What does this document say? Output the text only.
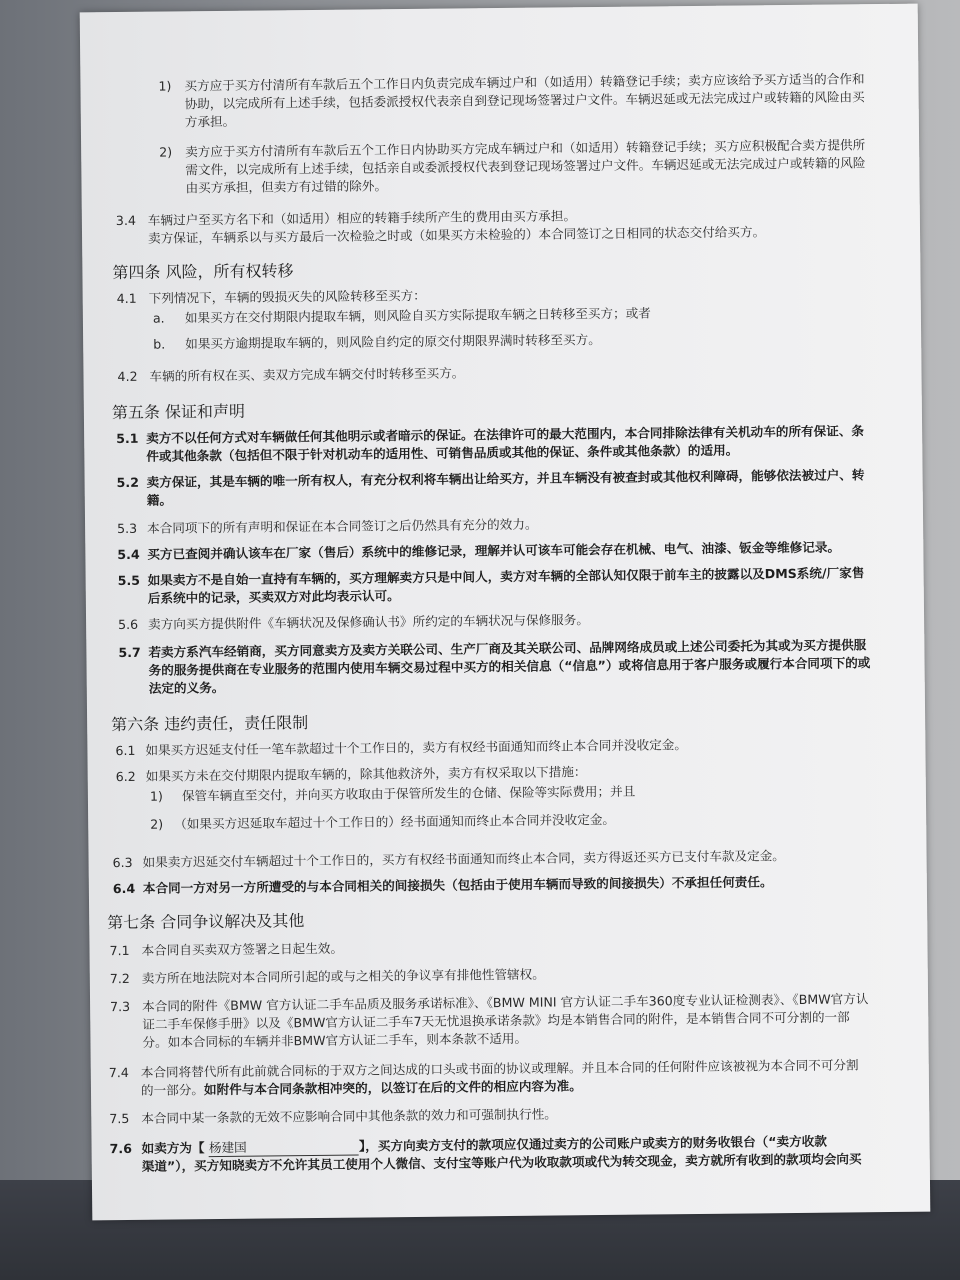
1) 买方应于买方付清所有车款后五个工作日内负责完成车辆过户和（如适用）转籍登记手续；卖方应该给予买方适当的合作和
协助，以完成所有上述手续，包括委派授权代表亲自到登记现场签署过户文件。车辆迟延或无法完成过户或转籍的风险由买
方承担。
2) 卖方应于买方付清所有车款后五个工作日内协助买方完成车辆过户和（如适用）转籍登记手续；买方应积极配合卖方提供所
需文件，以完成所有上述手续，包括亲自或委派授权代表到登记现场签署过户文件。车辆迟延或无法完成过户或转籍的风险
由买方承担，但卖方有过错的除外。
3.4 车辆过户至买方名下和（如适用）相应的转籍手续所产生的费用由买方承担。
卖方保证，车辆系以与买方最后一次检验之时或（如果买方未检验的）本合同签订之日相同的状态交付给买方。
第四条 风险，所有权转移
4.1 下列情况下，车辆的毁损灭失的风险转移至买方：
a. 如果买方在交付期限内提取车辆，则风险自买方实际提取车辆之日转移至买方；或者
b. 如果买方逾期提取车辆的，则风险自约定的原交付期限界满时转移至买方。
4.2 车辆的所有权在买、卖双方完成车辆交付时转移至买方。
第五条 保证和声明
5.1 卖方不以任何方式对车辆做任何其他明示或者暗示的保证。在法律许可的最大范围内，本合同排除法律有关机动车的所有保证、条
件或其他条款（包括但不限于针对机动车的适用性、可销售品质或其他的保证、条件或其他条款）的适用。
5.2 卖方保证，其是车辆的唯一所有权人，有充分权利将车辆出让给买方，并且车辆没有被查封或其他权利障碍，能够依法被过户、转
籍。
5.3 本合同项下的所有声明和保证在本合同签订之后仍然具有充分的效力。
5.4 买方已查阅并确认该车在厂家（售后）系统中的维修记录，理解并认可该车可能会存在机械、电气、油漆、钣金等维修记录。
5.5 如果卖方不是自始一直持有车辆的，买方理解卖方只是中间人，卖方对车辆的全部认知仅限于前车主的披露以及DMS系统/厂家售
后系统中的记录，买卖双方对此均表示认可。
5.6 卖方向买方提供附件《车辆状况及保修确认书》所约定的车辆状况与保修服务。
5.7 若卖方系汽车经销商，买方同意卖方及卖方关联公司、生产厂商及其关联公司、品牌网络成员或上述公司委托为其或为买方提供服
务的服务提供商在专业服务的范围内使用车辆交易过程中买方的相关信息（“信息”）或将信息用于客户服务或履行本合同项下的或
法定的义务。
第六条 违约责任，责任限制
6.1 如果买方迟延支付任一笔车款超过十个工作日的，卖方有权经书面通知而终止本合同并没收定金。
6.2 如果买方未在交付期限内提取车辆的，除其他救济外，卖方有权采取以下措施：
1) 保管车辆直至交付，并向买方收取由于保管所发生的仓储、保险等实际费用；并且
2) （如果买方迟延取车超过十个工作日的）经书面通知而终止本合同并没收定金。
6.3 如果卖方迟延交付车辆超过十个工作日的，买方有权经书面通知而终止本合同，卖方得返还买方已支付车款及定金。
6.4 本合同一方对另一方所遭受的与本合同相关的间接损失（包括由于使用车辆而导致的间接损失）不承担任何责任。
第七条 合同争议解决及其他
7.1 本合同自买卖双方签署之日起生效。
7.2 卖方所在地法院对本合同所引起的或与之相关的争议享有排他性管辖权。
7.3 本合同的附件《BMW 官方认证二手车品质及服务承诺标准》、《BMW MINI 官方认证二手车360度专业认证检测表》、《BMW官方认
证二手车保修手册》以及《BMW官方认证二手车7天无忧退换承诺条款》均是本销售合同的附件，是本销售合同不可分割的一部
分。如本合同标的车辆并非BMW官方认证二手车，则本条款不适用。
7.4 本合同将替代所有此前就合同标的于双方之间达成的口头或书面的协议或理解。并且本合同的任何附件应该被视为本合同不可分割
的一部分。如附件与本合同条款相冲突的，以签订在后的文件的相应内容为准。
7.5 本合同中某一条款的无效不应影响合同中其他条款的效力和可强制执行性。
7.6 如卖方为【 杨建国	】，买方向卖方支付的款项应仅通过卖方的公司账户或卖方的财务收银台（“卖方收款
渠道”），买方知晓卖方不允许其员工使用个人微信、支付宝等账户代为收取款项或代为转交现金，卖方就所有收到的款项均会向买
